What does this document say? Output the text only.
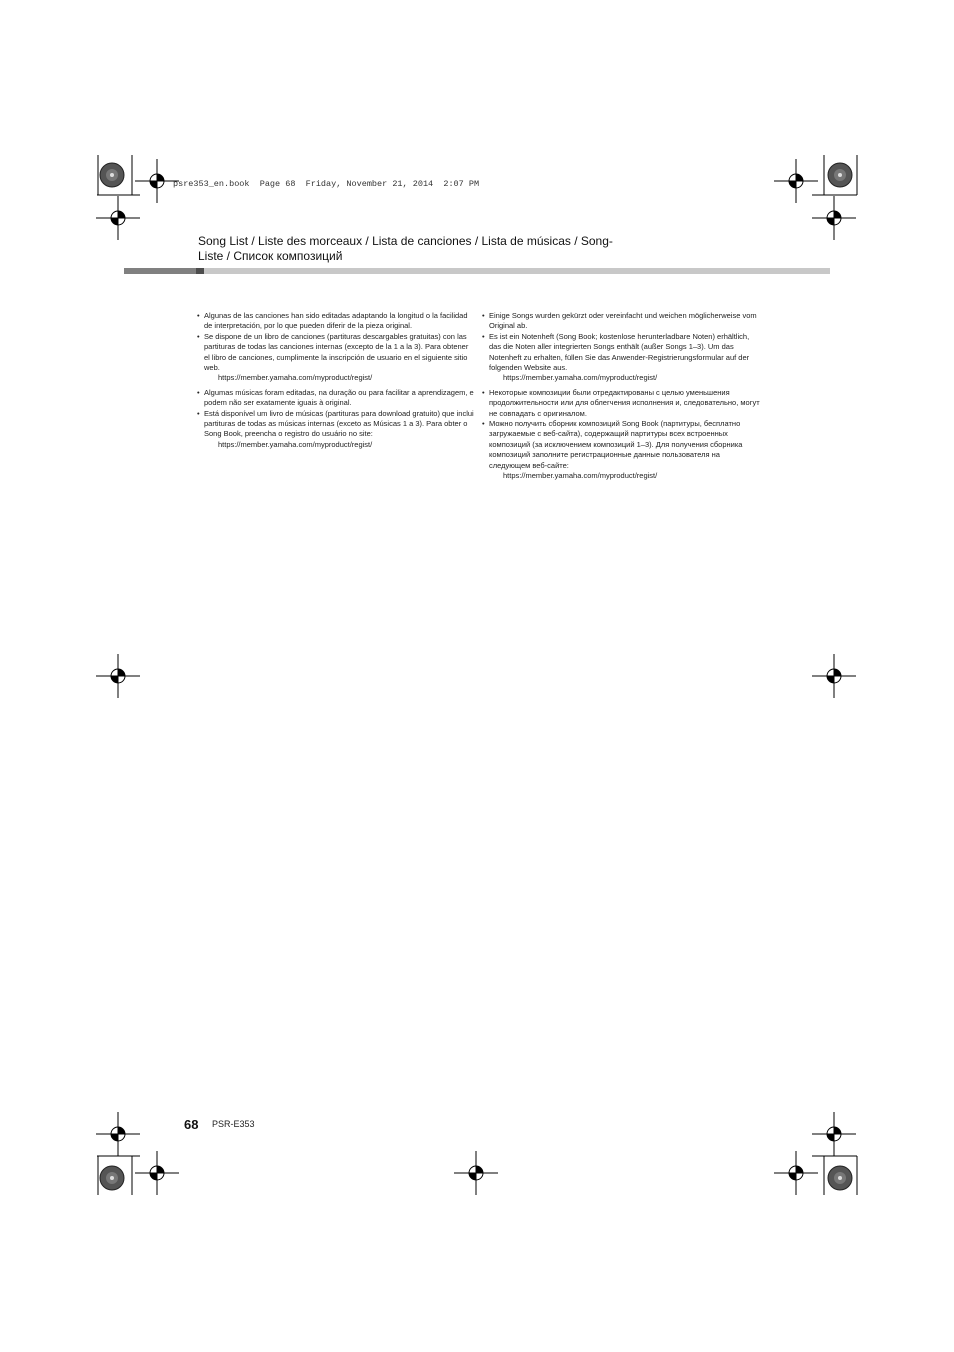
psre353_en.book  Page 68  Friday, November 21, 2014  2:07 PM
Song List / Liste des morceaux / Lista de canciones / Lista de músicas / Song-Liste / Список композиций

• Algunas de las canciones han sido editadas adaptando la longitud o la facilidad de interpretación, por lo que pueden diferir de la pieza original.

• Se dispone de un libro de canciones (partituras descargables gratuitas) con las partituras de todas las canciones internas (excepto de la 1 a la 3). Para obtener el libro de canciones, cumplimente la inscripción de usuario en el siguiente sitio web.

https://member.yamaha.com/myproduct/regist/

• Algumas músicas foram editadas, na duração ou para facilitar a aprendizagem, e podem não ser exatamente iguais à original.

• Está disponível um livro de músicas (partituras para download gratuito) que inclui partituras de todas as músicas internas (exceto as Músicas 1 a 3). Para obter o Song Book, preencha o registro do usuário no site:

https://member.yamaha.com/myproduct/regist/

• Einige Songs wurden gekürzt oder vereinfacht und weichen möglicherweise vom Original ab.

• Es ist ein Notenheft (Song Book; kostenlose herunterladbare Noten) erhältlich, das die Noten aller integrierten Songs enthält (außer Songs 1–3). Um das Notenheft zu erhalten, füllen Sie das Anwender-Registrierungsformular auf der folgenden Website aus.

https://member.yamaha.com/myproduct/regist/

• Некоторые композиции были отредактированы с целью уменьшения продолжительности или для облегчения исполнения и, следовательно, могут не совпадать с оригиналом.

• Можно получить сборник композиций Song Book (партитуры, бесплатно загружаемые с веб-сайта), содержащий партитуры всех встроенных композиций (за исключением композиций 1–3). Для получения сборника композиций заполните регистрационные данные пользователя на следующем веб-сайте:

https://member.yamaha.com/myproduct/regist/

68 PSR-E353
